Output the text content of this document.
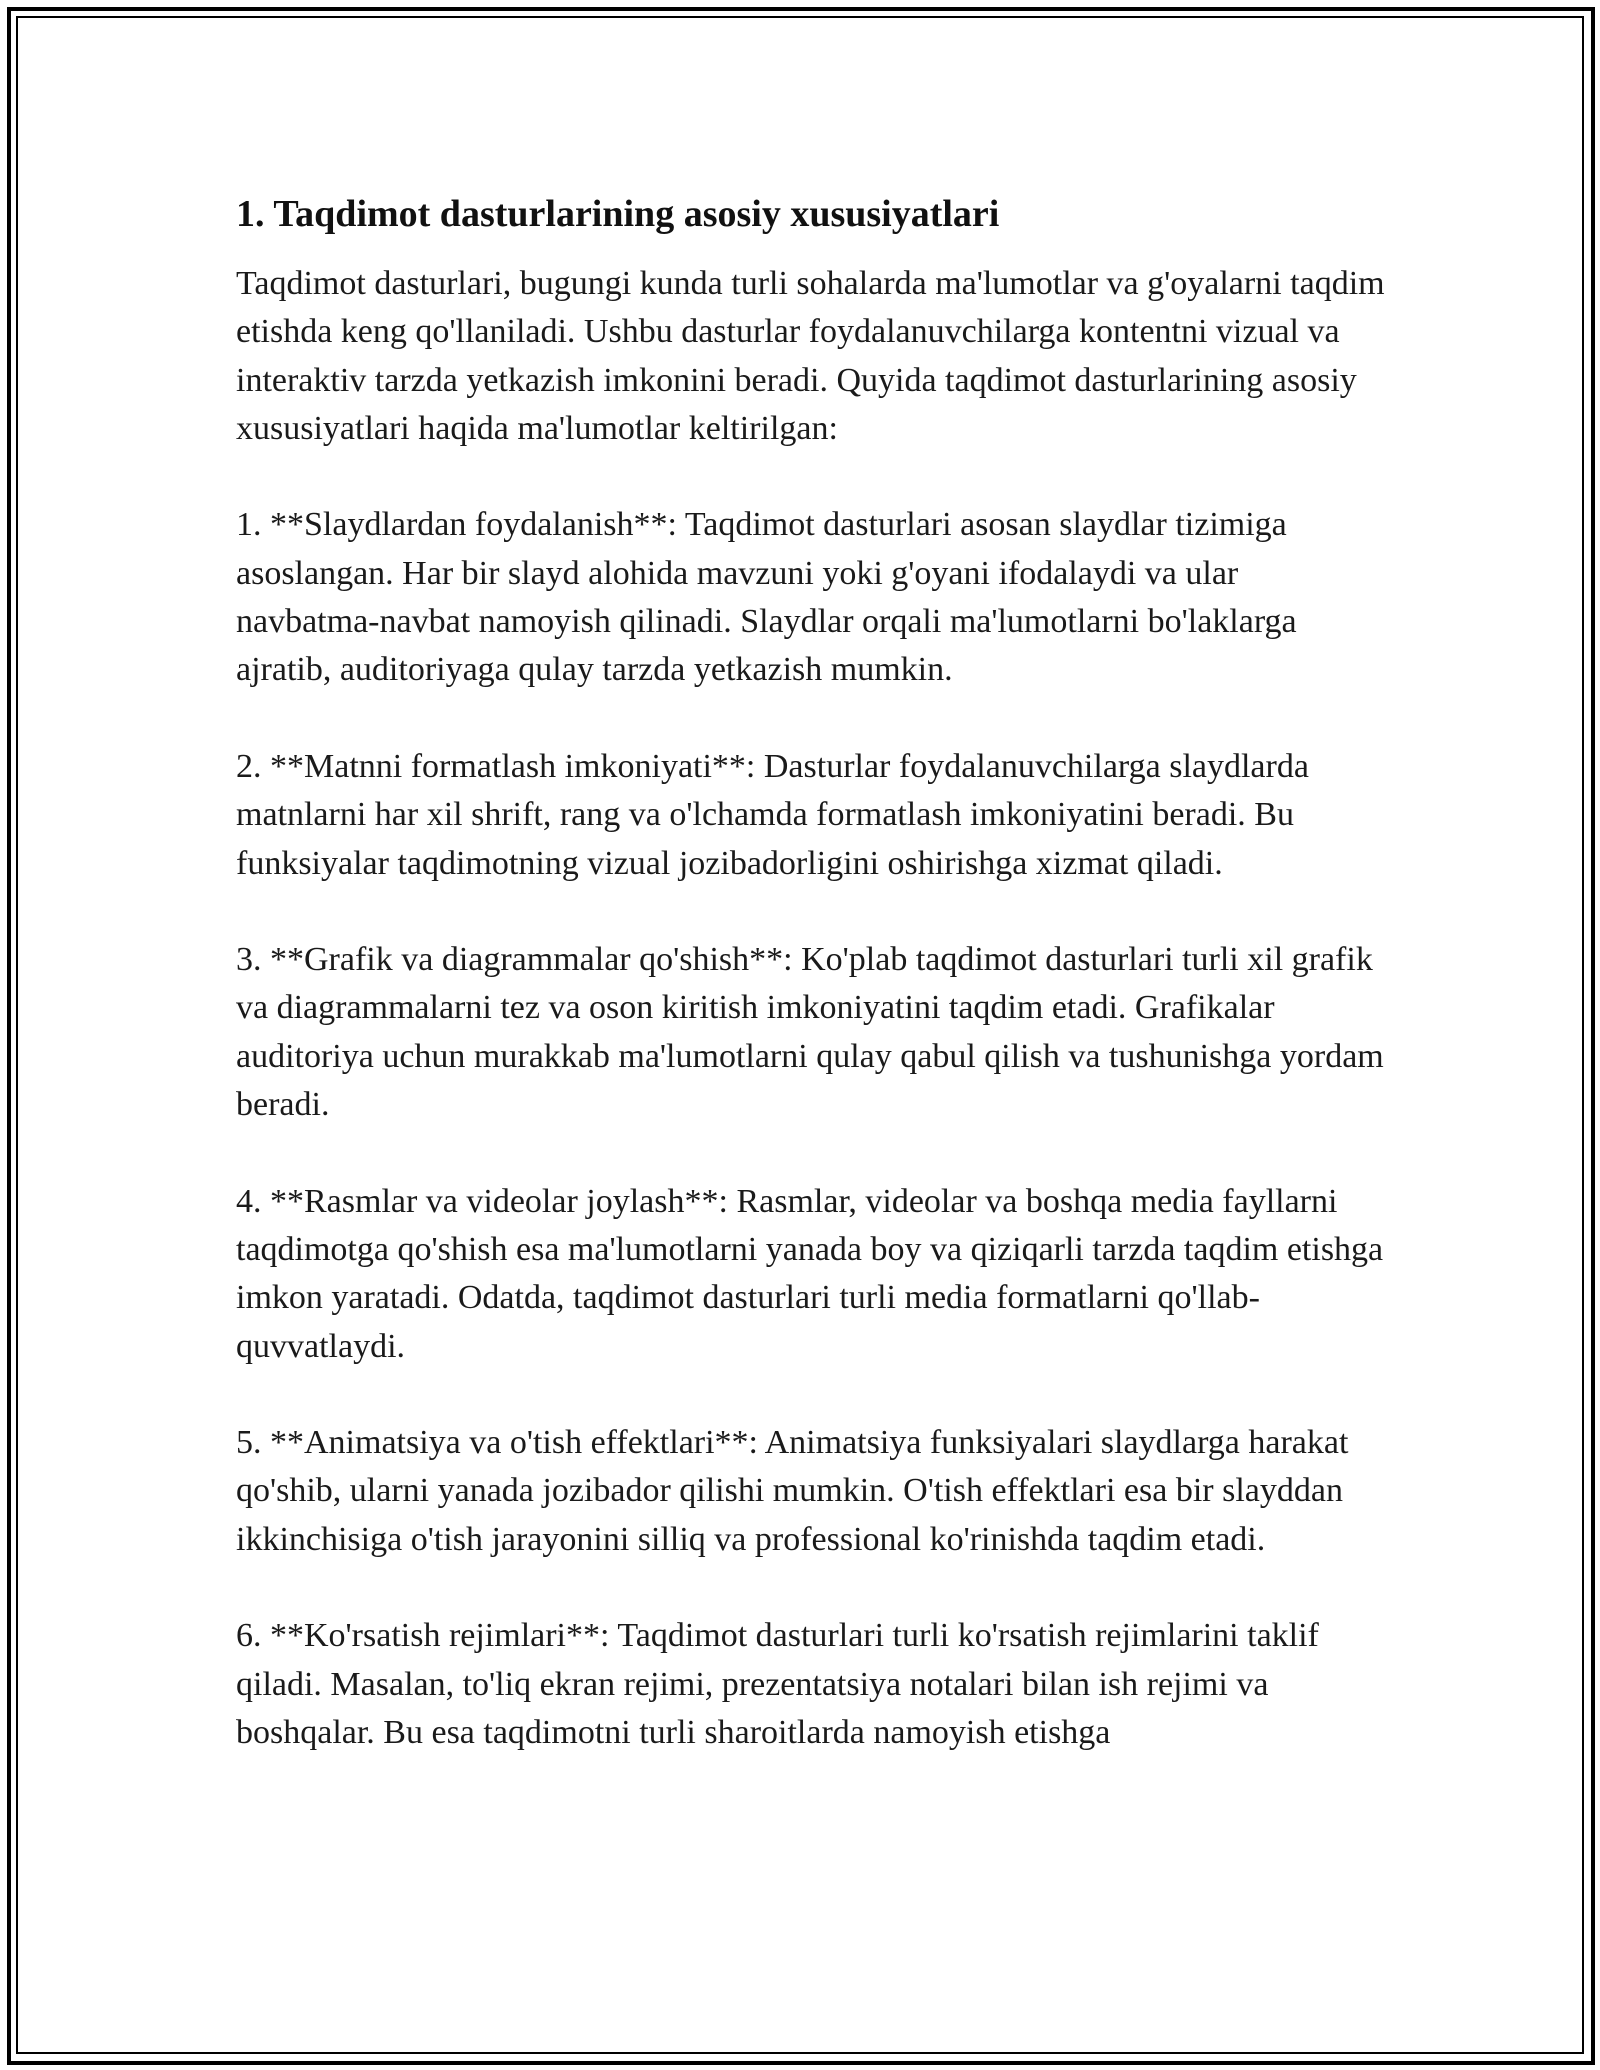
1. Taqdimot dasturlarining asosiy xususiyatlari

Taqdimot dasturlari, bugungi kunda turli sohalarda ma'lumotlar va g'oyalarni taqdim etishda keng qo'llaniladi. Ushbu dasturlar foydalanuvchilarga kontentni vizual va interaktiv tarzda yetkazish imkonini beradi. Quyida taqdimot dasturlarining asosiy xususiyatlari haqida ma'lumotlar keltirilgan:

1. **Slaydlardan foydalanish**: Taqdimot dasturlari asosan slaydlar tizimiga asoslangan. Har bir slayd alohida mavzuni yoki g'oyani ifodalaydi va ular navbatma-navbat namoyish qilinadi. Slaydlar orqali ma'lumotlarni bo'laklarga ajratib, auditoriyaga qulay tarzda yetkazish mumkin.

2. **Matnni formatlash imkoniyati**: Dasturlar foydalanuvchilarga slaydlarda matnlarni har xil shrift, rang va o'lchamda formatlash imkoniyatini beradi. Bu funksiyalar taqdimotning vizual jozibadorligini oshirishga xizmat qiladi.

3. **Grafik va diagrammalar qo'shish**: Ko'plab taqdimot dasturlari turli xil grafik va diagrammalarni tez va oson kiritish imkoniyatini taqdim etadi. Grafikalar auditoriya uchun murakkab ma'lumotlarni qulay qabul qilish va tushunishga yordam beradi.

4. **Rasmlar va videolar joylash**: Rasmlar, videolar va boshqa media fayllarni taqdimotga qo'shish esa ma'lumotlarni yanada boy va qiziqarli tarzda taqdim etishga imkon yaratadi. Odatda, taqdimot dasturlari turli media formatlarni qo'llab-quvvatlaydi.

5. **Animatsiya va o'tish effektlari**: Animatsiya funksiyalari slaydlarga harakat qo'shib, ularni yanada jozibador qilishi mumkin. O'tish effektlari esa bir slayddan ikkinchisiga o'tish jarayonini silliq va professional ko'rinishda taqdim etadi.

6. **Ko'rsatish rejimlari**: Taqdimot dasturlari turli ko'rsatish rejimlarini taklif qiladi. Masalan, to'liq ekran rejimi, prezentatsiya notalari bilan ish rejimi va boshqalar. Bu esa taqdimotni turli sharoitlarda namoyish etishga
